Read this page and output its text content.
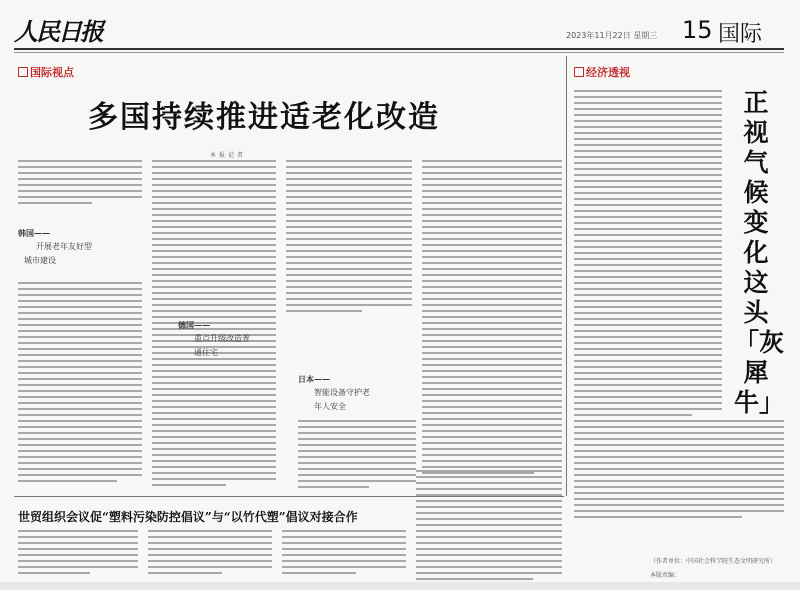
人民日报	2023年11月22日 星期三 15 国际
国际视点
多国持续推进适老化改造
本报记者
韩国——
开展老年友好型
城市建设
德国——
重点升级改造普
通住宅
日本——
智能设备守护老
年人安全
经济透视
正视气候变化这头「灰犀牛」
（作者单位：中国社会科学院生态文明研究所）
本版责编：
世贸组织会议促“塑料污染防控倡议”与“以竹代塑”倡议对接合作
